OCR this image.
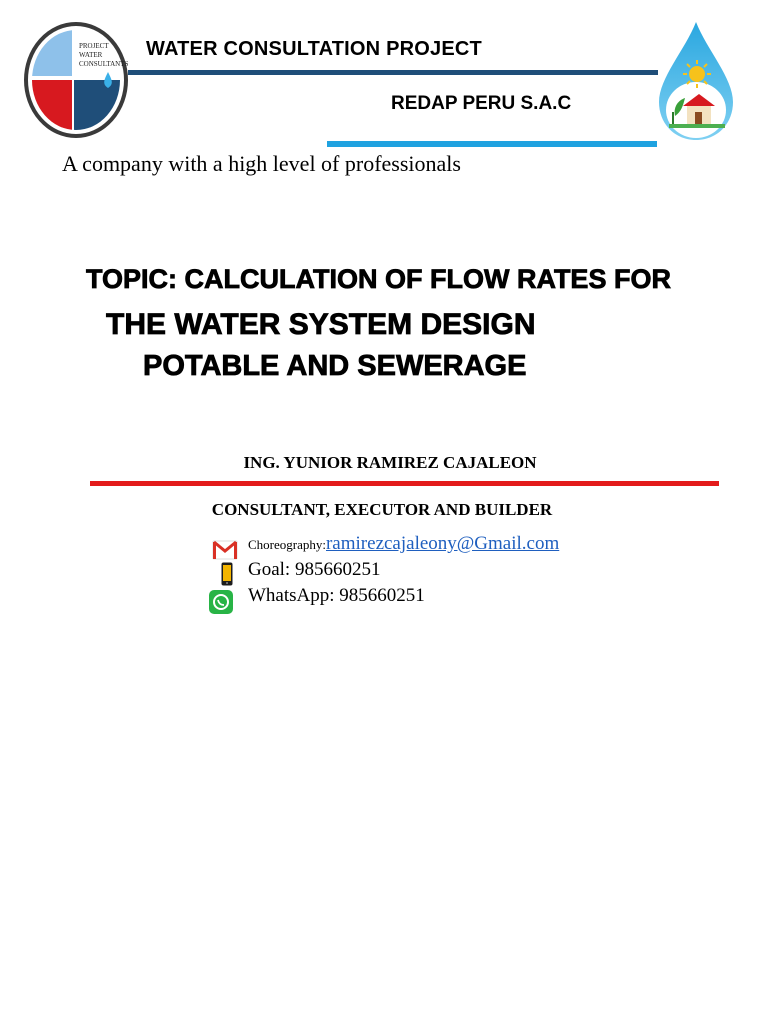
PROJECT
WATER
CONSULTANTS
WATER CONSULTATION PROJECT
REDAP PERU S.A.C
A company with a high level of professionals
TOPIC: CALCULATION OF FLOW RATES FOR
THE WATER SYSTEM DESIGN
POTABLE AND SEWERAGE
ING. YUNIOR RAMIREZ CAJALEON
CONSULTANT, EXECUTOR AND BUILDER
Choreography:ramirezcajaleony@Gmail.com
Goal: 985660251
WhatsApp: 985660251
